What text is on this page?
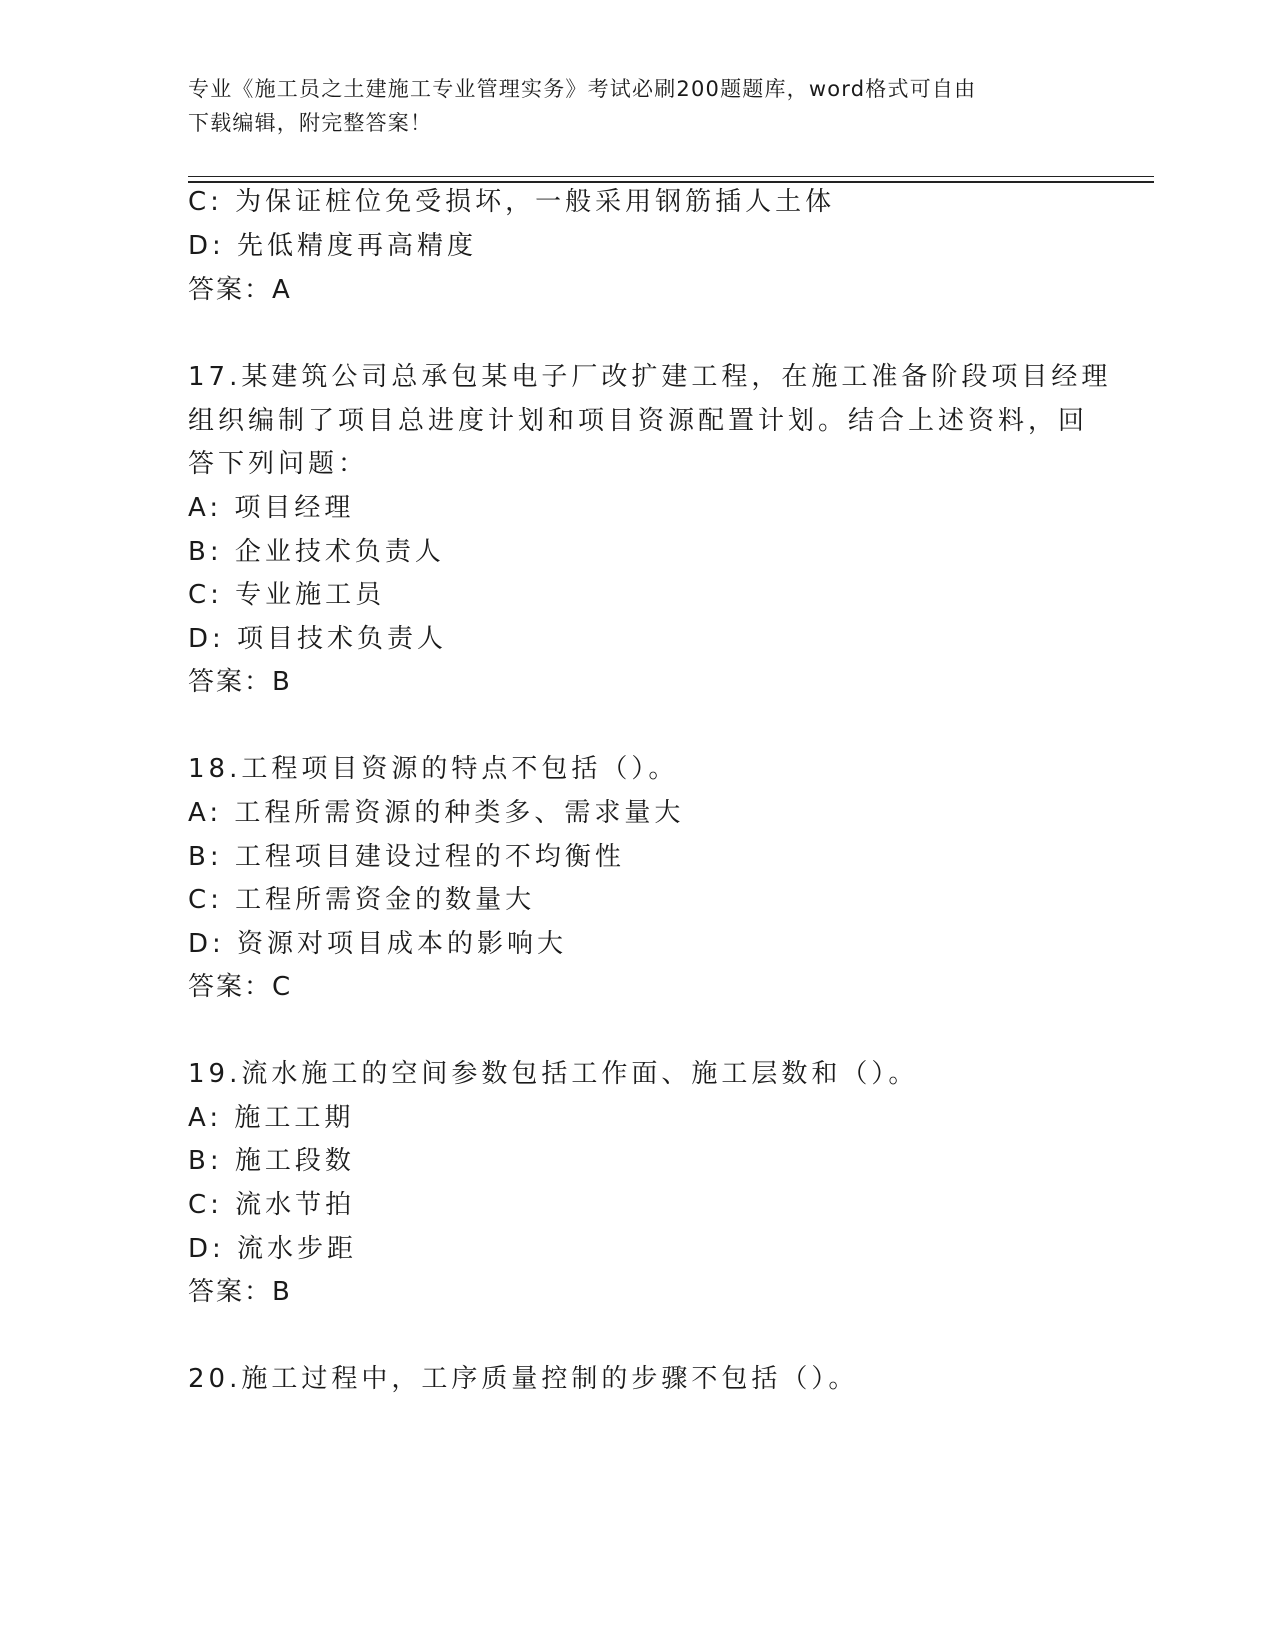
专业《施工员之土建施工专业管理实务》考试必刷200题题库，word格式可自由
下载编辑，附完整答案！
C: 为保证桩位免受损坏，一般采用钢筋插人土体
D: 先低精度再高精度
答案：A
17.某建筑公司总承包某电子厂改扩建工程，在施工准备阶段项目经理
组织编制了项目总进度计划和项目资源配置计划。结合上述资料，回
答下列问题：
A: 项目经理
B: 企业技术负责人
C: 专业施工员
D: 项目技术负责人
答案：B
18.工程项目资源的特点不包括（）。
A: 工程所需资源的种类多、需求量大
B: 工程项目建设过程的不均衡性
C: 工程所需资金的数量大
D: 资源对项目成本的影响大
答案：C
19.流水施工的空间参数包括工作面、施工层数和（）。
A: 施工工期
B: 施工段数
C: 流水节拍
D: 流水步距
答案：B
20.施工过程中，工序质量控制的步骤不包括（）。
